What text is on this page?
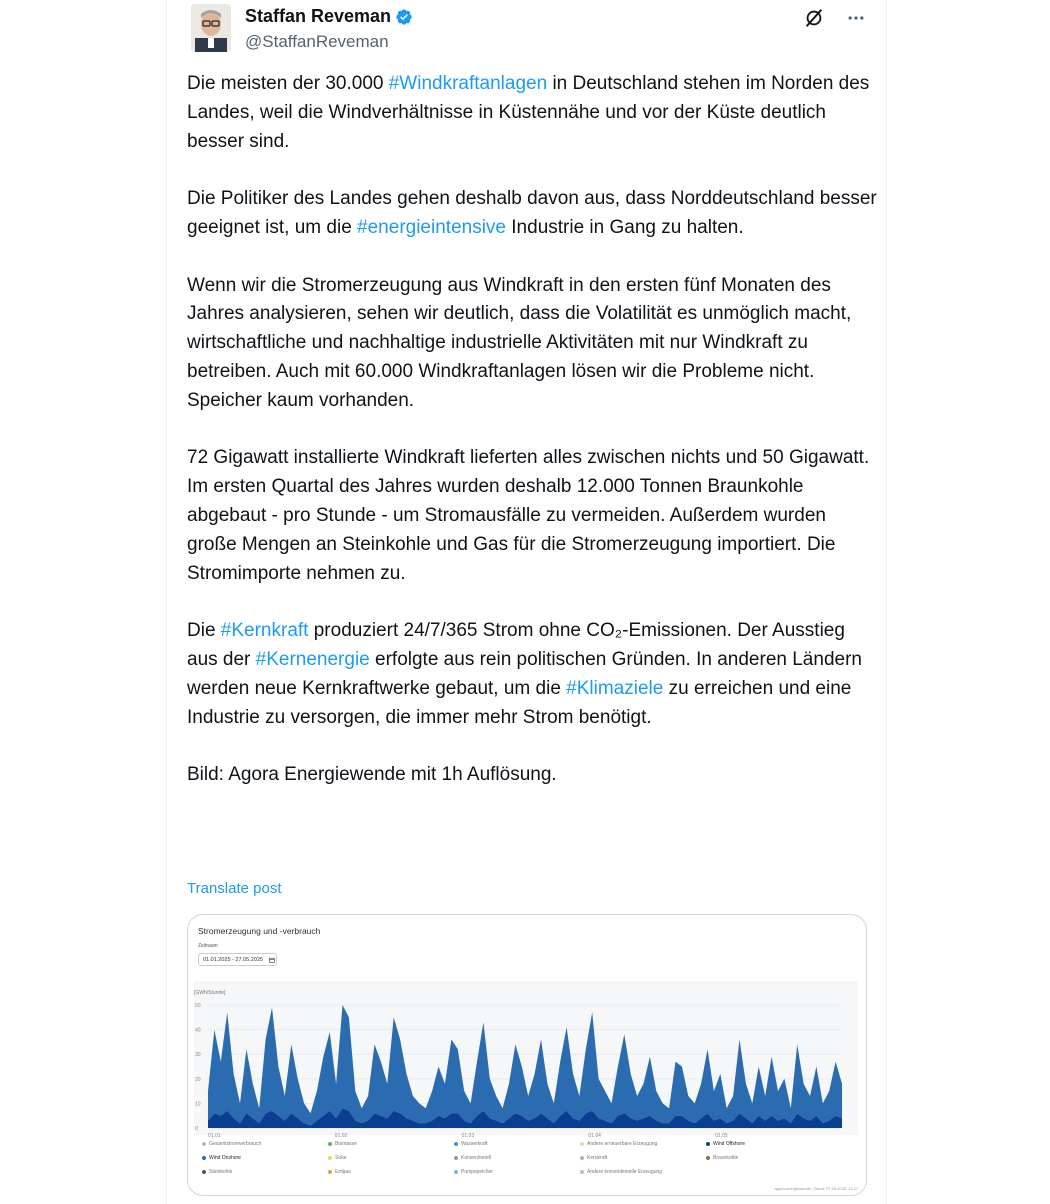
Staffan Reveman
@StaffanReveman

Die meisten der 30.000 #Windkraftanlagen in Deutschland stehen im Norden des Landes, weil die Windverhältnisse in Küstennähe und vor der Küste deutlich besser sind.

Die Politiker des Landes gehen deshalb davon aus, dass Norddeutschland besser geeignet ist, um die #energieintensive Industrie in Gang zu halten.

Wenn wir die Stromerzeugung aus Windkraft in den ersten fünf Monaten des Jahres analysieren, sehen wir deutlich, dass die Volatilität es unmöglich macht, wirtschaftliche und nachhaltige industrielle Aktivitäten mit nur Windkraft zu betreiben. Auch mit 60.000 Windkraftanlagen lösen wir die Probleme nicht. Speicher kaum vorhanden.

72 Gigawatt installierte Windkraft lieferten alles zwischen nichts und 50 Gigawatt. Im ersten Quartal des Jahres wurden deshalb 12.000 Tonnen Braunkohle abgebaut - pro Stunde - um Stromausfälle zu vermeiden. Außerdem wurden große Mengen an Steinkohle und Gas für die Stromerzeugung importiert. Die Stromimporte nehmen zu.

Die #Kernkraft produziert 24/7/365 Strom ohne CO₂-Emissionen. Der Ausstieg aus der #Kernenergie erfolgte aus rein politischen Gründen. In anderen Ländern werden neue Kernkraftwerke gebaut, um die #Klimaziele zu erreichen und eine Industrie zu versorgen, die immer mehr Strom benötigt.

Bild: Agora Energiewende mit 1h Auflösung.

Translate post
Stromerzeugung und -verbrauch
Zeitraum
01.01.2025 - 27.05.2025
[GWh/Stunde]
50
40
30
20
10
0
01.01	01.02	01.03	01.04	01.05
Gesamtstromverbrauch	Biomasse	Wasserkraft	Andere erneuerbare Erzeugung	Wind Offshore
Wind Onshore	Solar	Konventionell	Kernkraft	Braunkohle
Steinkohle	Erdgas	Pumpspeicher	Andere konventionelle Erzeugung
agora-energiewende, Stand: 27.05.2025, 11:27
